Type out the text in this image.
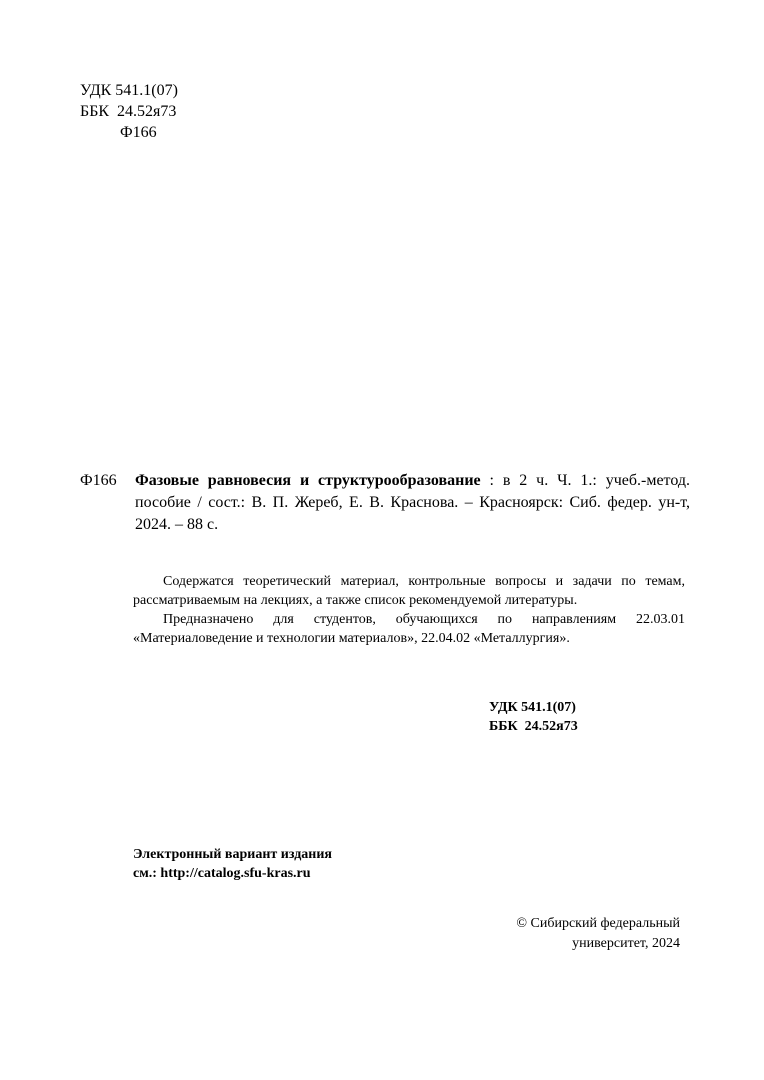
УДК 541.1(07)
ББК  24.52я73
Ф166
Ф166 Фазовые равновесия и структурообразование : в 2 ч. Ч. 1.: учеб.-метод. пособие / сост.: В. П. Жереб, Е. В. Краснова. – Красноярск: Сиб. федер. ун-т, 2024. – 88 с.

Содержатся теоретический материал, контрольные вопросы и задачи по темам, рассматриваемым на лекциях, а также список рекомендуемой литературы.

Предназначено для студентов, обучающихся по направлениям 22.03.01 «Материаловедение и технологии материалов», 22.04.02 «Металлургия».

УДК 541.1(07)
ББК  24.52я73
Электронный вариант издания
см.: http://catalog.sfu-kras.ru
© Сибирский федеральный
университет, 2024
